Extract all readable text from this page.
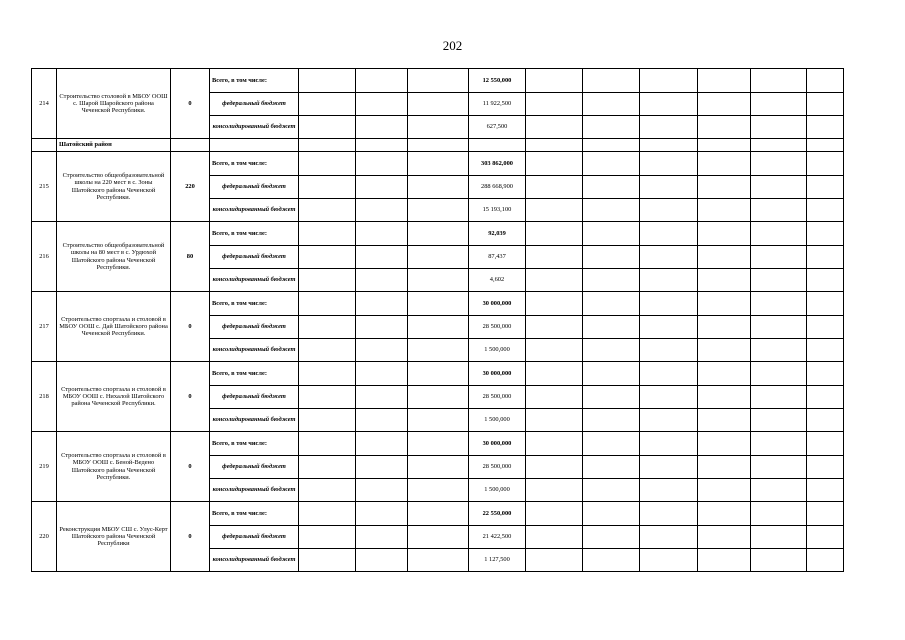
202
214	Строительство столовой в МБОУ ООШ с. Шарой Шаройского района Чеченской Республики.	0	Всего, в том числе:				12 550,000							
			федеральный бюджет				11 922,500							
			консолидированный бюджет				627,500							
	Шатойский район													
215	Строительство общеобразовательной школы на 220 мест в с. Зоны Шатойского района Чеченской Республики.	220	Всего, в том числе:				303 862,000							
			федеральный бюджет				288 668,900							
			консолидированный бюджет				15 193,100							
216	Строительство общеобразовательной школы на 80 мест в с. Урдюхой Шатойского района Чеченской Республики.	80	Всего, в том числе:				92,039							
			федеральный бюджет				87,437							
			консолидированный бюджет				4,602							
217	Строительство спортзала и столовой в МБОУ ООШ с. Дай Шатойского района Чеченской Республики.	0	Всего, в том числе:				30 000,000							
			федеральный бюджет				28 500,000							
			консолидированный бюджет				1 500,000							
218	Строительство спортзала и столовой в МБОУ ООШ с. Нихалой Шатойского района Чеченской Республики.	0	Всего, в том числе:				30 000,000							
			федеральный бюджет				28 500,000							
			консолидированный бюджет				1 500,000							
219	Строительство спортзала и столовой в МБОУ ООШ с. Беной-Ведено Шатойского района Чеченской Республики.	0	Всего, в том числе:				30 000,000							
			федеральный бюджет				28 500,000							
			консолидированный бюджет				1 500,000							
220	Реконструкция МБОУ СШ с. Улус-Керт Шатойского района Чеченской Республики	0	Всего, в том числе:				22 550,000							
			федеральный бюджет				21 422,500							
			консолидированный бюджет				1 127,500							
